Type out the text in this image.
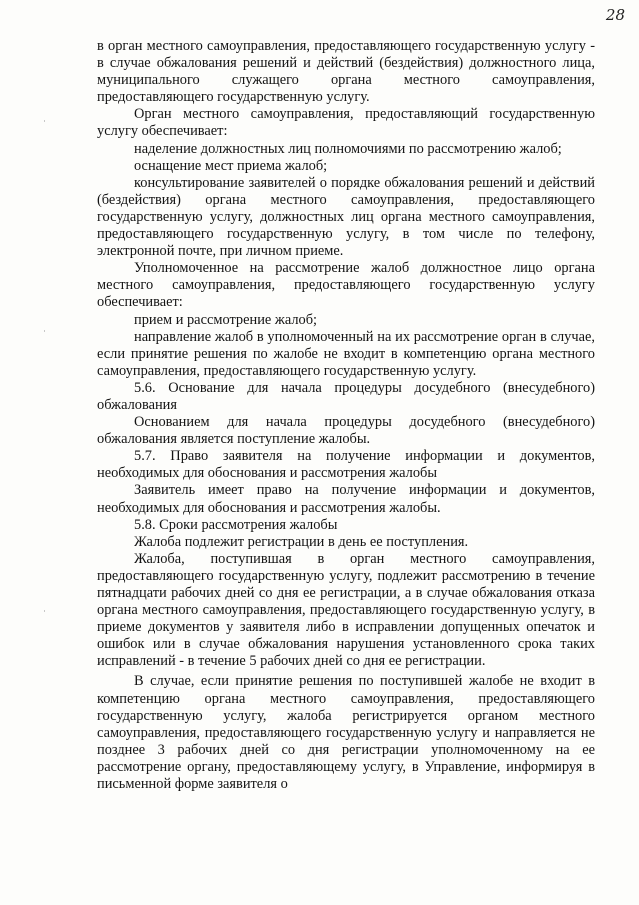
28

в орган местного самоуправления, предоставляющего государственную услугу - в случае обжалования решений и действий (бездействия) должностного лица, муниципального служащего органа местного самоуправления, предоставляющего государственную услугу.

Орган местного самоуправления, предоставляющий государственную услугу обеспечивает:

наделение должностных лиц полномочиями по рассмотрению жалоб;

оснащение мест приема жалоб;

консультирование заявителей о порядке обжалования решений и действий (бездействия) органа местного самоуправления, предоставляющего государственную услугу, должностных лиц органа местного самоуправления, предоставляющего государственную услугу, в том числе по телефону, электронной почте, при личном приеме.

Уполномоченное на рассмотрение жалоб должностное лицо органа местного самоуправления, предоставляющего государственную услугу обеспечивает:

прием и рассмотрение жалоб;

направление жалоб в уполномоченный на их рассмотрение орган в случае, если принятие решения по жалобе не входит в компетенцию органа местного самоуправления, предоставляющего государственную услугу.

5.6. Основание для начала процедуры досудебного (внесудебного) обжалования

Основанием для начала процедуры досудебного (внесудебного) обжалования является поступление жалобы.

5.7. Право заявителя на получение информации и документов, необходимых для обоснования и рассмотрения жалобы

Заявитель имеет право на получение информации и документов, необходимых для обоснования и рассмотрения жалобы.

5.8. Сроки рассмотрения жалобы

Жалоба подлежит регистрации в день ее поступления.

Жалоба, поступившая в орган местного самоуправления, предоставляющего государственную услугу, подлежит рассмотрению в течение пятнадцати рабочих дней со дня ее регистрации, а в случае обжалования отказа органа местного самоуправления, предоставляющего государственную услугу, в приеме документов у заявителя либо в исправлении допущенных опечаток и ошибок или в случае обжалования нарушения установленного срока таких исправлений - в течение 5 рабочих дней со дня ее регистрации.

В случае, если принятие решения по поступившей жалобе не входит в компетенцию органа местного самоуправления, предоставляющего государственную услугу, жалоба регистрируется органом местного самоуправления, предоставляющего государственную услугу и направляется не позднее 3 рабочих дней со дня регистрации уполномоченному на ее рассмотрение органу, предоставляющему услугу, в Управление, информируя в письменной форме заявителя о
